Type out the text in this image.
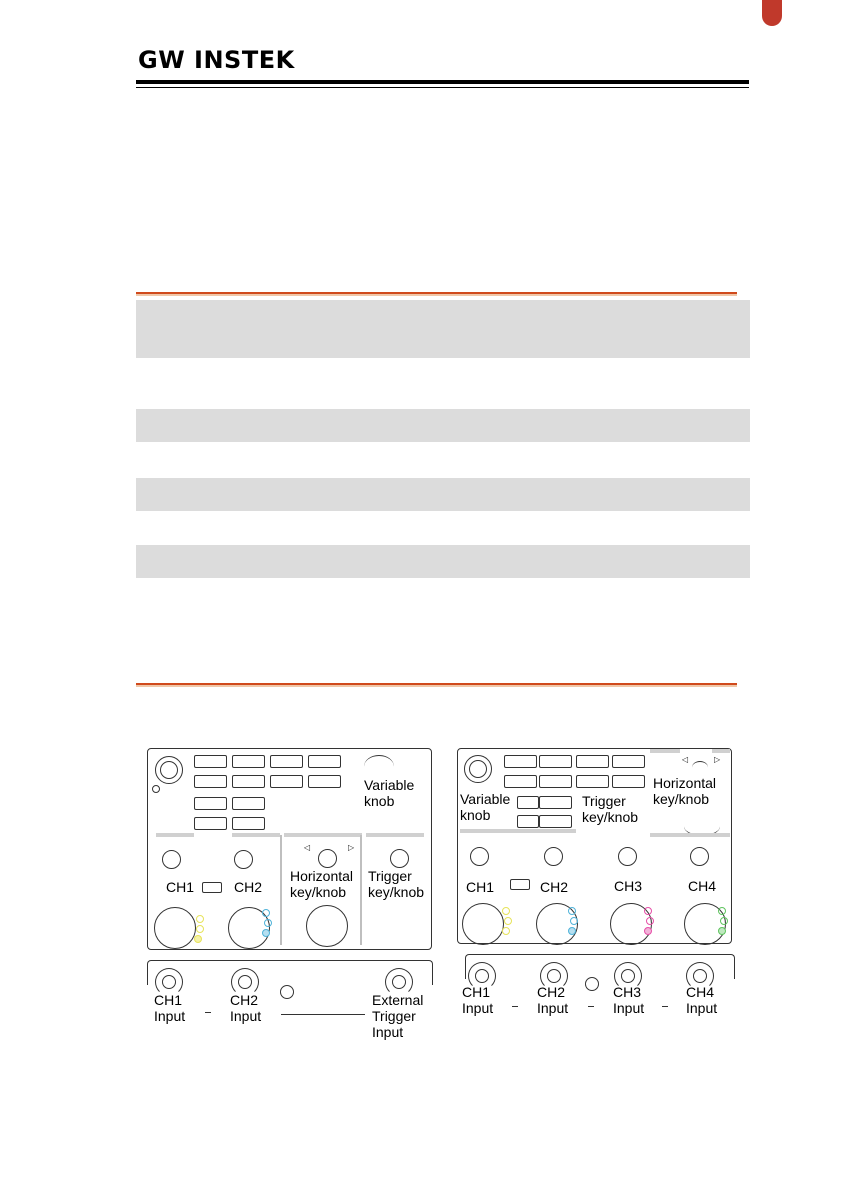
GW INSTEK
Variable
knob
CH1	CH2
◁	▷
Horizontal
key/knob
Trigger
key/knob
CH1
Input
CH2
Input
External
Trigger
Input
Variable
knob
Trigger
key/knob
◁	▷
Horizontal
key/knob
CH1	CH2	CH3	CH4
CH1
Input
CH2
Input
CH3
Input
CH4
Input
